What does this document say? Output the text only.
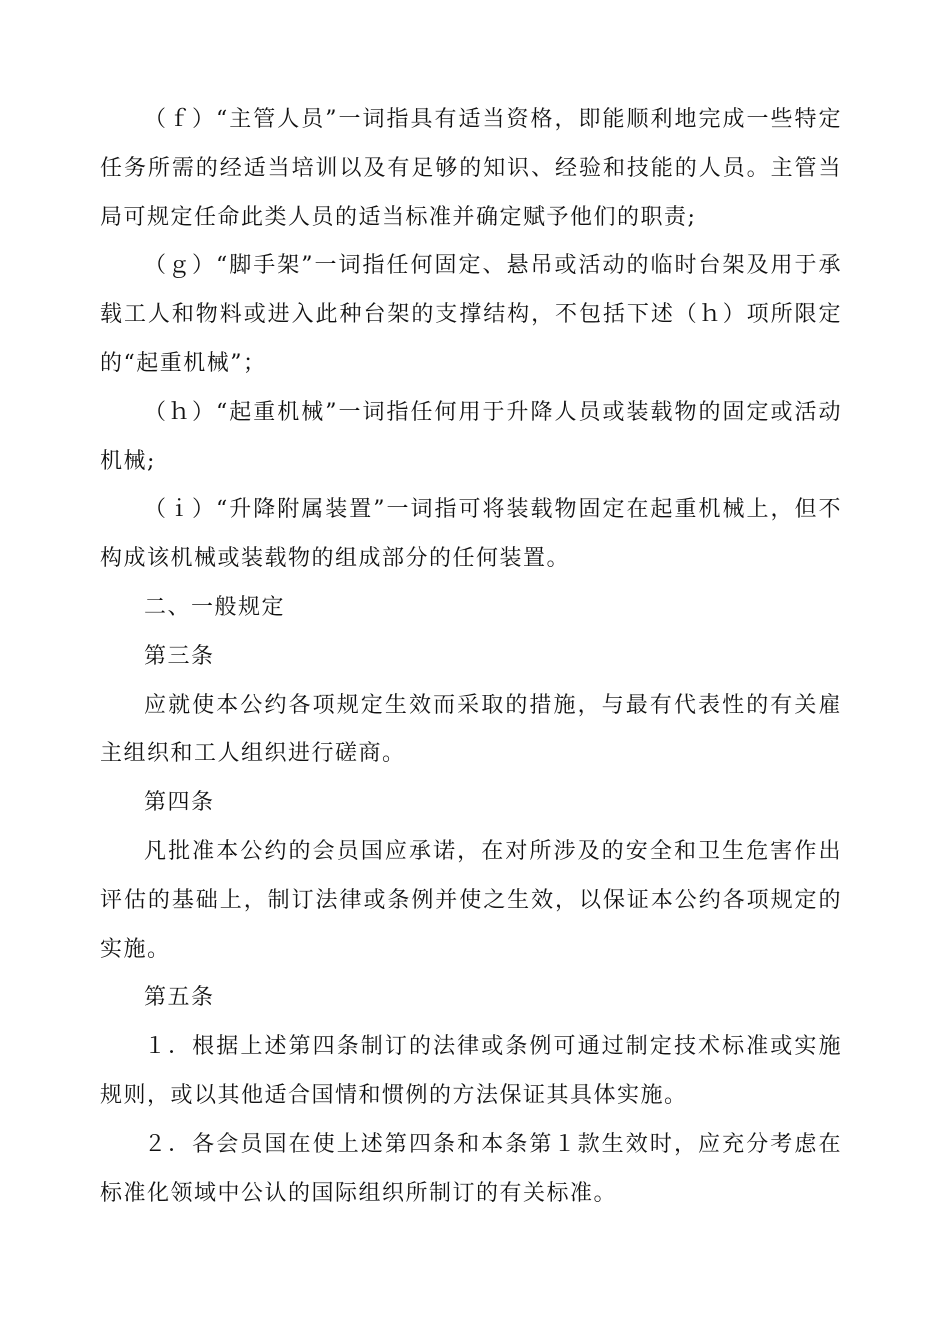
（ｆ）“主管人员”一词指具有适当资格，即能顺利地完成一些特定任务所需的经适当培训以及有足够的知识、经验和技能的人员。主管当局可规定任命此类人员的适当标准并确定赋予他们的职责;

（ｇ）“脚手架”一词指任何固定、悬吊或活动的临时台架及用于承载工人和物料或进入此种台架的支撑结构，不包括下述（ｈ）项所限定的“起重机械”；

（ｈ）“起重机械”一词指任何用于升降人员或装载物的固定或活动机械;

（ｉ）“升降附属装置”一词指可将装载物固定在起重机械上，但不构成该机械或装载物的组成部分的任何装置。

二、一般规定

第三条

应就使本公约各项规定生效而采取的措施，与最有代表性的有关雇主组织和工人组织进行磋商。

第四条

凡批准本公约的会员国应承诺，在对所涉及的安全和卫生危害作出评估的基础上，制订法律或条例并使之生效，以保证本公约各项规定的实施。

第五条

１．根据上述第四条制订的法律或条例可通过制定技术标准或实施规则，或以其他适合国情和惯例的方法保证其具体实施。

２．各会员国在使上述第四条和本条第１款生效时，应充分考虑在标准化领域中公认的国际组织所制订的有关标准。
